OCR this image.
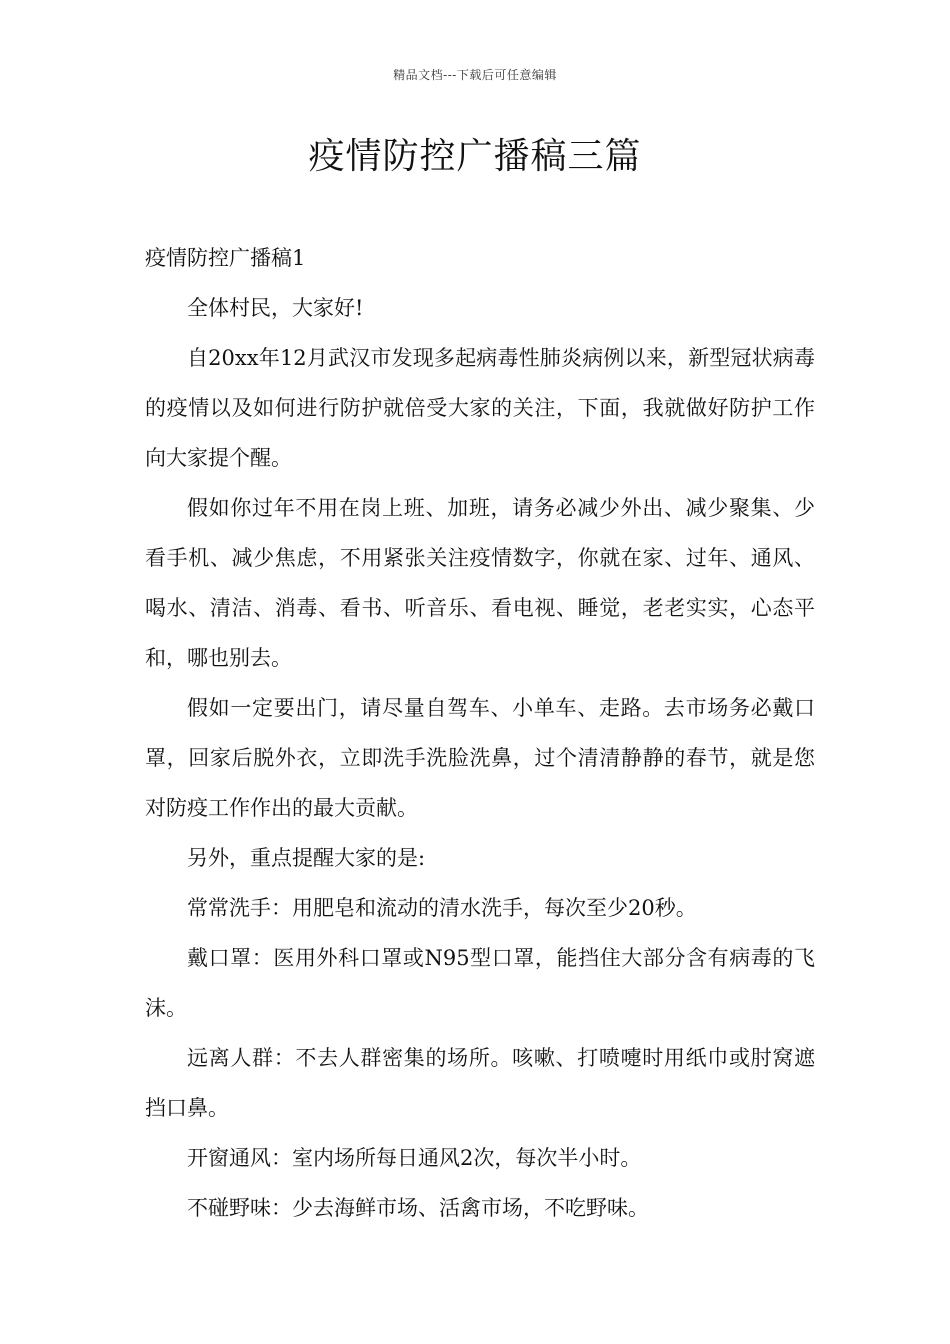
精品文档---下载后可任意编辑
疫情防控广播稿三篇

疫情防控广播稿1

全体村民，大家好!

自20xx年12月武汉市发现多起病毒性肺炎病例以来，新型冠状病毒的疫情以及如何进行防护就倍受大家的关注，下面，我就做好防护工作向大家提个醒。

假如你过年不用在岗上班、加班，请务必减少外出、减少聚集、少看手机、减少焦虑，不用紧张关注疫情数字，你就在家、过年、通风、喝水、清洁、消毒、看书、听音乐、看电视、睡觉，老老实实，心态平和，哪也别去。

假如一定要出门，请尽量自驾车、小单车、走路。去市场务必戴口罩，回家后脱外衣，立即洗手洗脸洗鼻，过个清清静静的春节，就是您对防疫工作作出的最大贡献。

另外，重点提醒大家的是:

常常洗手：用肥皂和流动的清水洗手，每次至少20秒。

戴口罩：医用外科口罩或N95型口罩，能挡住大部分含有病毒的飞沫。

远离人群：不去人群密集的场所。咳嗽、打喷嚏时用纸巾或肘窝遮挡口鼻。

开窗通风：室内场所每日通风2次，每次半小时。

不碰野味：少去海鲜市场、活禽市场，不吃野味。
